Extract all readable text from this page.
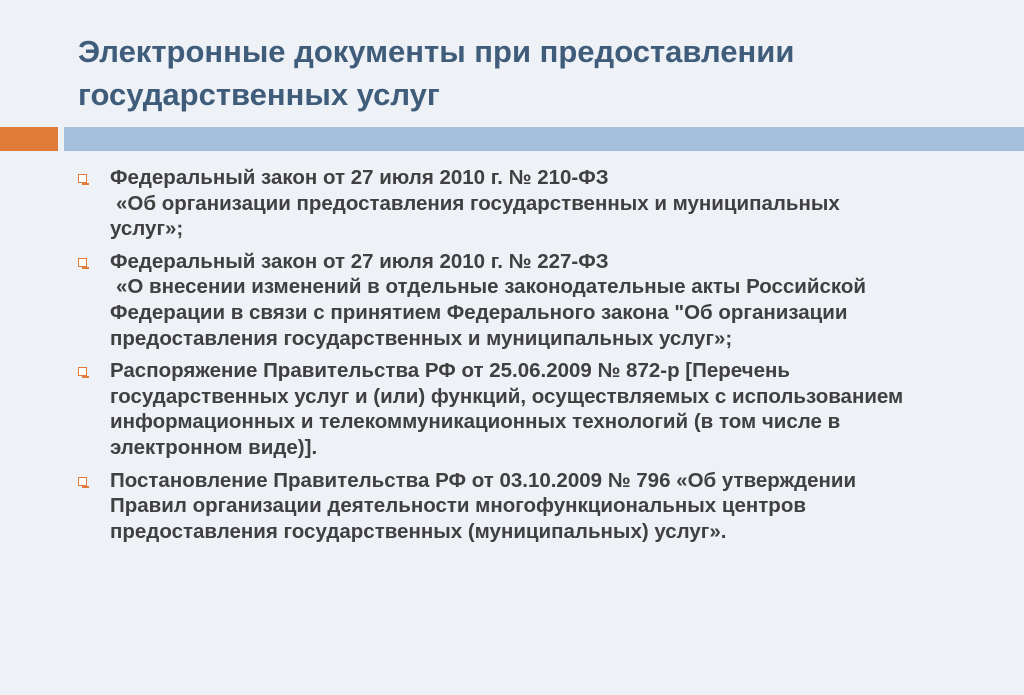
Электронные документы при предоставлении
государственных услуг
Федеральный закон от 27 июля 2010 г. № 210-ФЗ
«Об организации предоставления государственных и муниципальных
услуг»;
Федеральный закон от 27 июля 2010 г. № 227-ФЗ
«О внесении изменений в отдельные законодательные акты Российской
Федерации в связи с принятием Федерального закона "Об организации
предоставления государственных и муниципальных услуг»;
Распоряжение Правительства РФ от 25.06.2009 № 872-р [Перечень
государственных услуг и (или) функций, осуществляемых с использованием
информационных и телекоммуникационных технологий (в том числе в
электронном виде)].
Постановление Правительства РФ от 03.10.2009 № 796 «Об утверждении
Правил организации деятельности многофункциональных центров
предоставления государственных (муниципальных) услуг».
